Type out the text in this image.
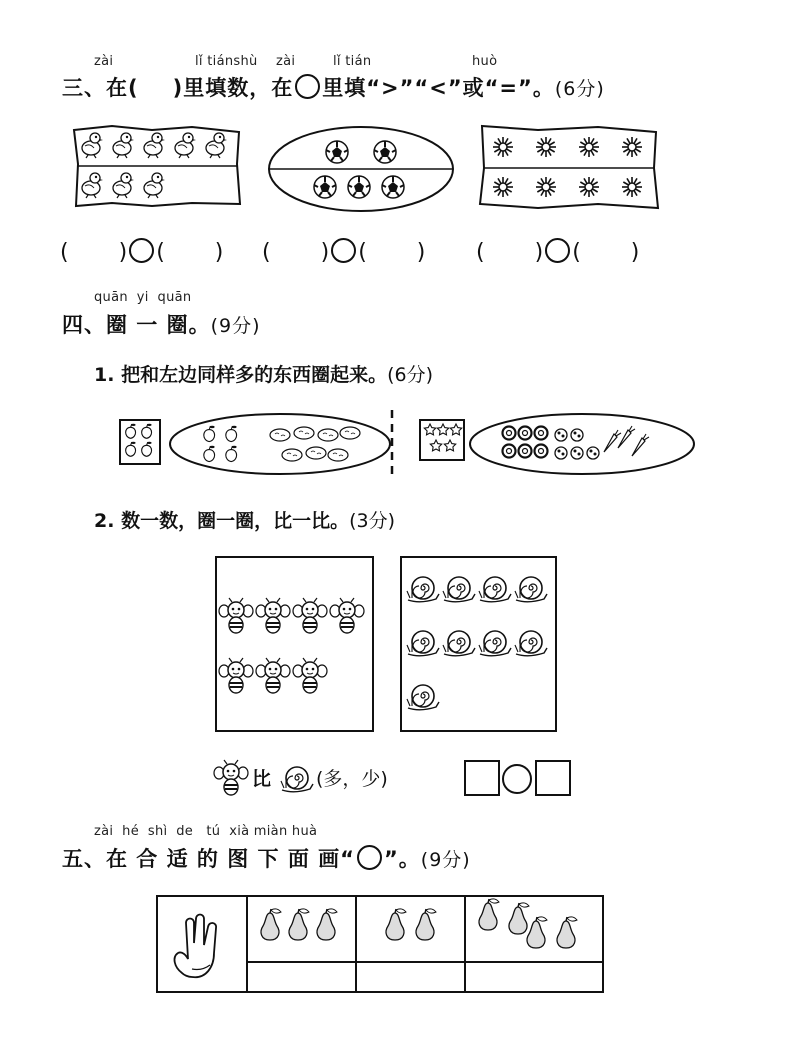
zài	lǐ tiánshù zài	lǐ tián	huò
三、在( )里填数，在 里填“>”“<”或“=”。(6分)
( ) ( ) ( ) ( ) ( ) ( )
quān  yi  quān
四、圈 一 圈。(9分)
1. 把和左边同样多的东西圈起来。(6分)
2. 数一数，圈一圈，比一比。(3分)
比 (多，少)
zài  hé  shì  de   tú  xià miàn huà
五、在 合 适 的 图 下 面 画“ ”。(9分)
